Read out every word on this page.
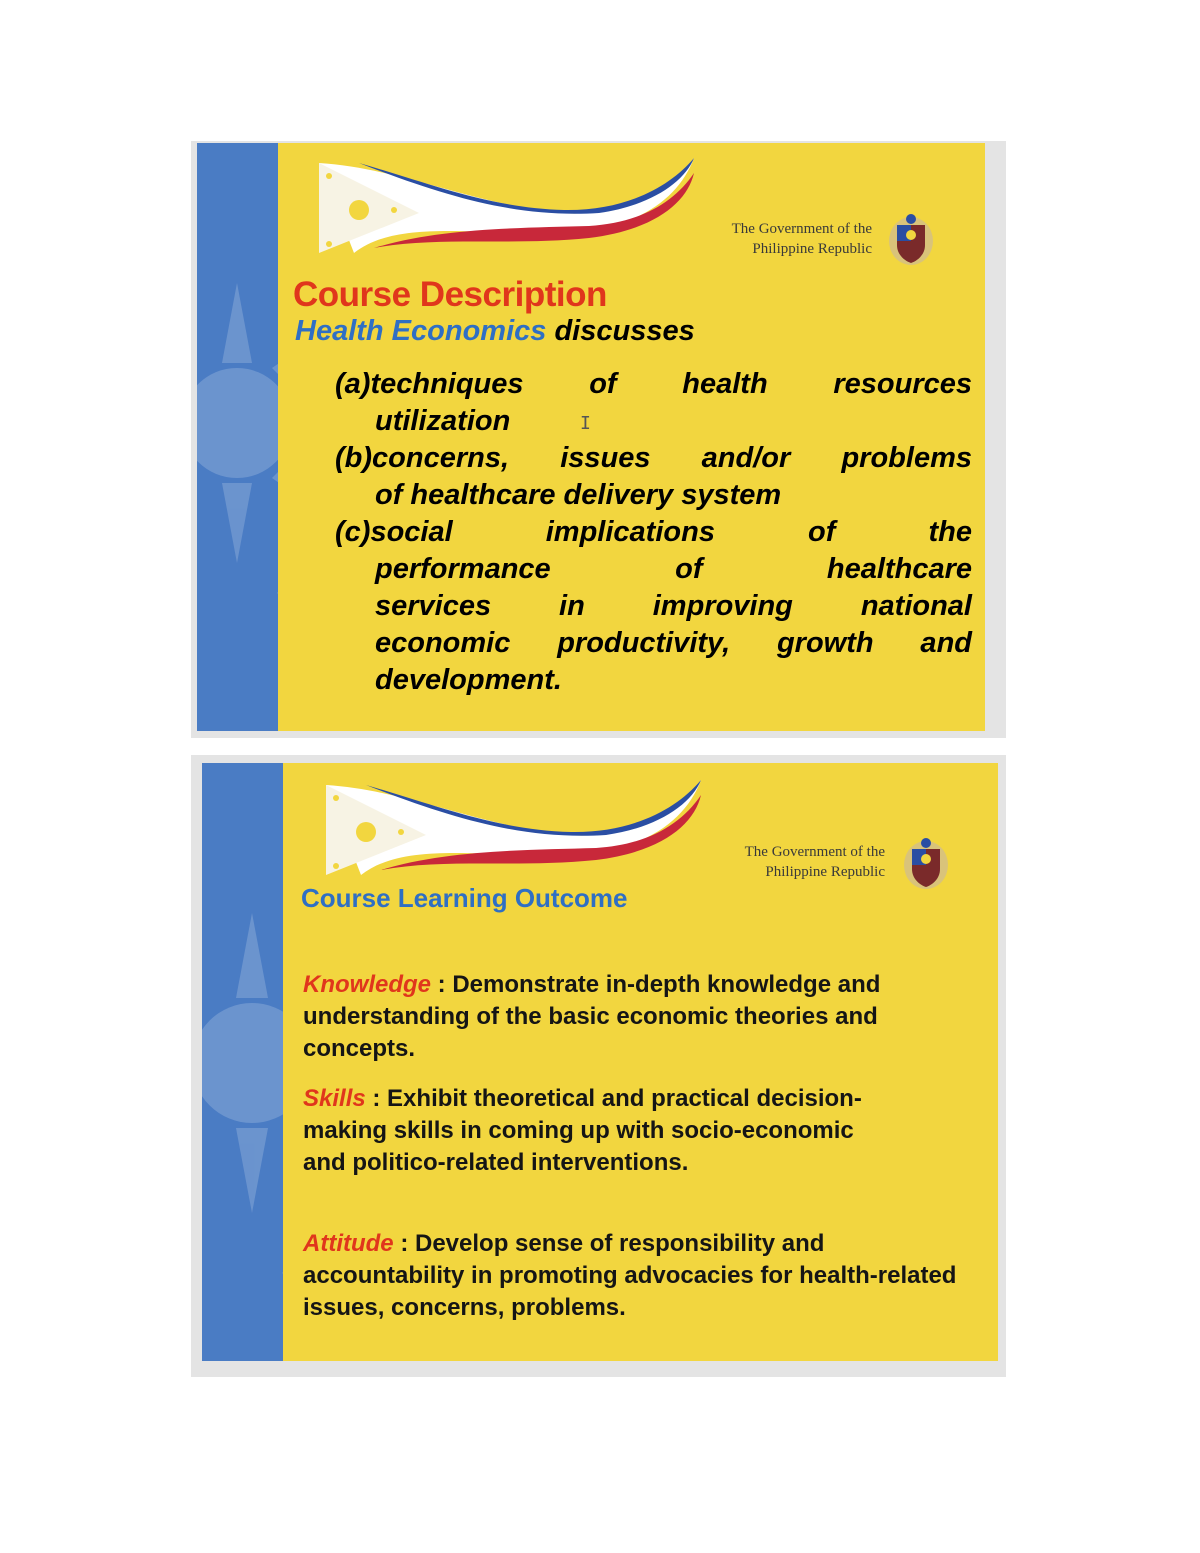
The Government of the
Philippine Republic
Course Description

Health Economics discusses

(a)techniques of health resources
utilization	I
(b)concerns, issues and/or problems
of healthcare delivery system
(c)social implications of the
performance of healthcare
services in improving national
economic productivity, growth and
development.
The Government of the
Philippine Republic
Course Learning Outcome

Knowledge : Demonstrate in-depth knowledge and understanding of the basic economic theories and concepts.

Skills : Exhibit theoretical and practical decision-making skills in coming up with socio-economic and politico-related interventions.

Attitude : Develop sense of responsibility and accountability in promoting advocacies for health-related issues, concerns, problems.
